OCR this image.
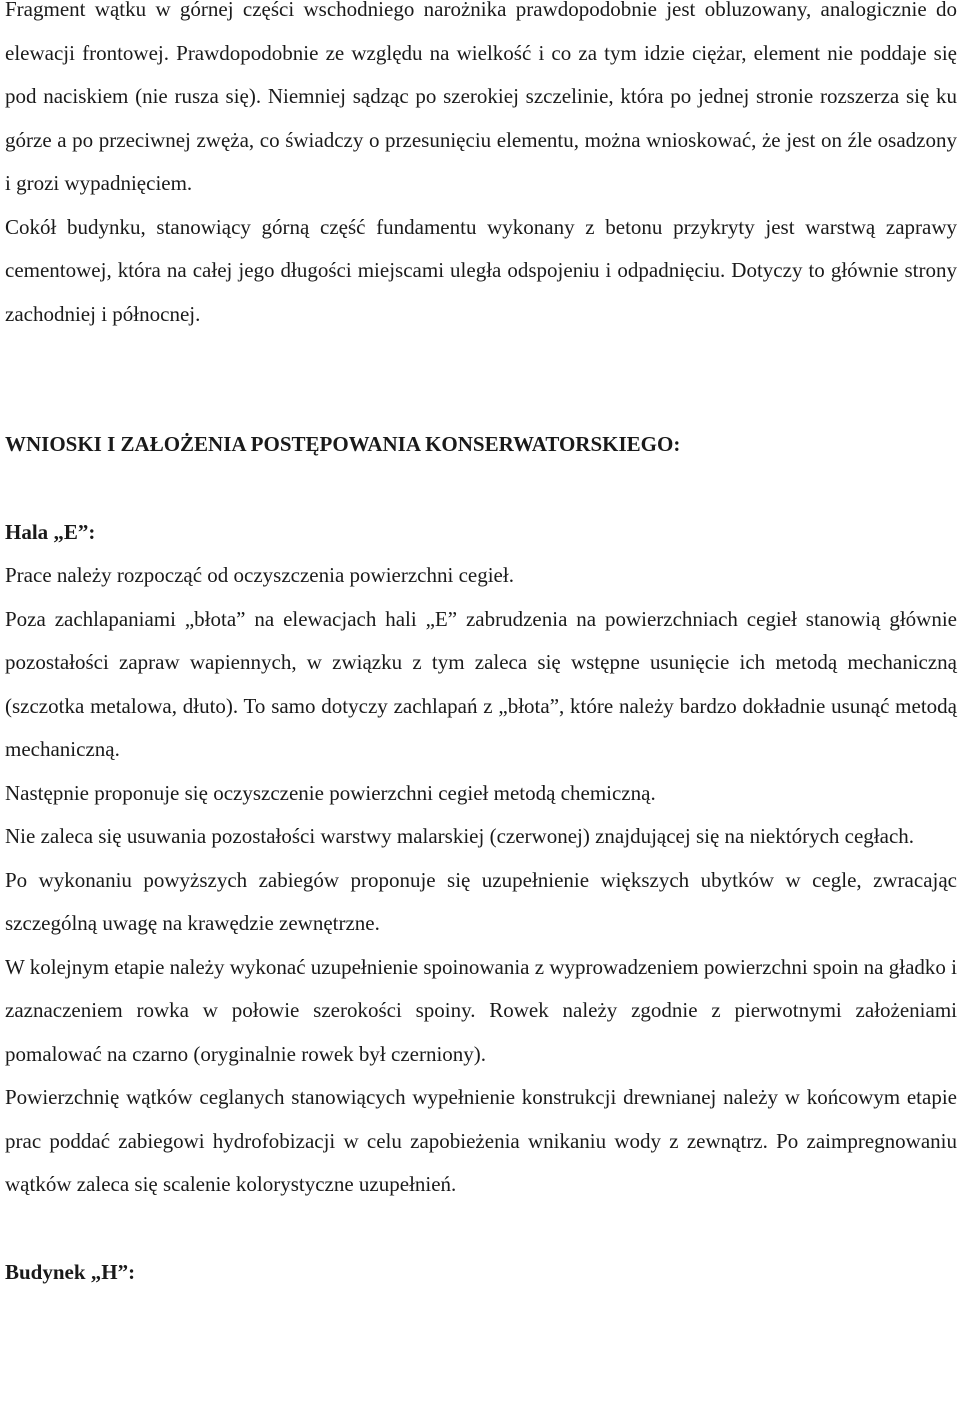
Fragment wątku w górnej części wschodniego narożnika prawdopodobnie jest obluzowany, analogicznie do elewacji frontowej. Prawdopodobnie ze względu na wielkość i co za tym idzie ciężar, element nie poddaje się pod naciskiem (nie rusza się). Niemniej sądząc po szerokiej szczelinie, która po jednej stronie rozszerza się ku górze a po przeciwnej zwęża, co świadczy o przesunięciu elementu, można wnioskować, że jest on źle osadzony i grozi wypadnięciem.

Cokół budynku, stanowiący górną część fundamentu wykonany z betonu przykryty jest warstwą zaprawy cementowej, która na całej jego długości miejscami uległa odspojeniu i odpadnięciu. Dotyczy to głównie strony zachodniej i północnej.

WNIOSKI I ZAŁOŻENIA POSTĘPOWANIA KONSERWATORSKIEGO:
Hala „E”:

Prace należy rozpocząć od oczyszczenia powierzchni cegieł.

Poza zachlapaniami „błota” na elewacjach hali „E” zabrudzenia na powierzchniach cegieł stanowią głównie pozostałości zapraw wapiennych, w związku z tym zaleca się wstępne usunięcie ich metodą mechaniczną (szczotka metalowa, dłuto). To samo dotyczy zachlapań z „błota”, które należy bardzo dokładnie usunąć metodą mechaniczną.

Następnie proponuje się oczyszczenie powierzchni cegieł metodą chemiczną.

Nie zaleca się usuwania pozostałości warstwy malarskiej (czerwonej) znajdującej się na niektórych cegłach.

Po wykonaniu powyższych zabiegów proponuje się uzupełnienie większych ubytków w cegle, zwracając szczególną uwagę na krawędzie zewnętrzne.

W kolejnym etapie należy wykonać uzupełnienie spoinowania z wyprowadzeniem powierzchni spoin na gładko i zaznaczeniem rowka w połowie szerokości spoiny. Rowek należy zgodnie z pierwotnymi założeniami pomalować na czarno (oryginalnie rowek był czerniony).

Powierzchnię wątków ceglanych stanowiących wypełnienie konstrukcji drewnianej należy w końcowym etapie prac poddać zabiegowi hydrofobizacji w celu zapobieżenia wnikaniu wody z zewnątrz. Po zaimpregnowaniu wątków zaleca się scalenie kolorystyczne uzupełnień.

Budynek „H”:
